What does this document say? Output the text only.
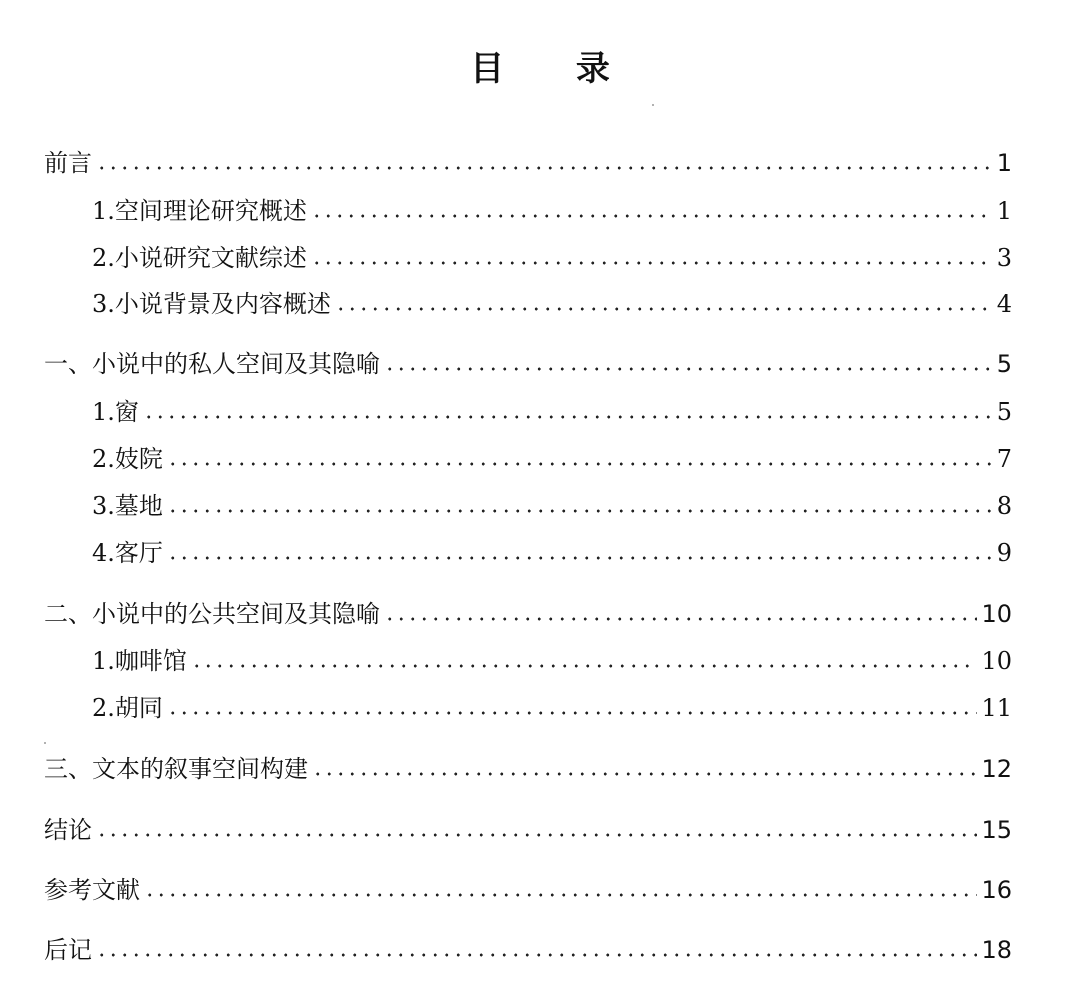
目 录
前言	1
1.空间理论研究概述	1
2.小说研究文献综述	3
3.小说背景及内容概述	4
一、小说中的私人空间及其隐喻	5
1.窗	5
2.妓院	7
3.墓地	8
4.客厅	9
二、小说中的公共空间及其隐喻	10
1.咖啡馆	10
2.胡同	11
三、文本的叙事空间构建	12
结论	15
参考文献	16
后记	18
